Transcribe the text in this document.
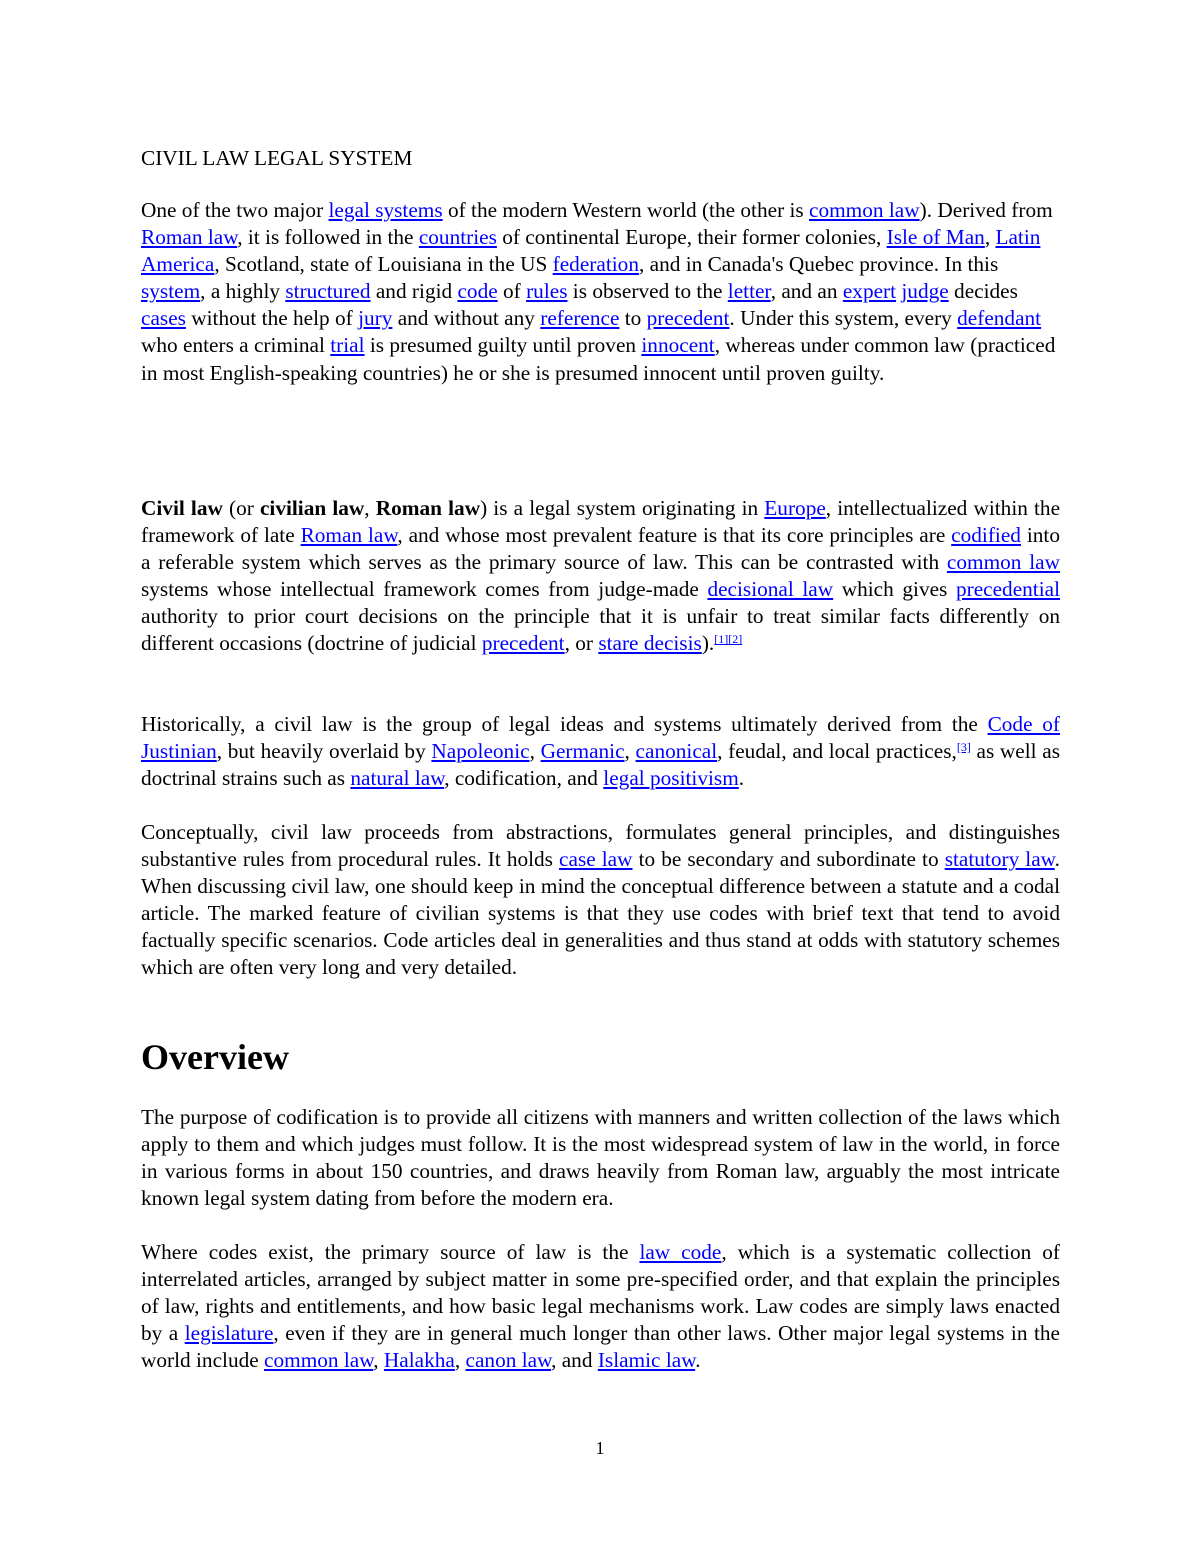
CIVIL LAW LEGAL SYSTEM

One of the two major legal systems of the modern Western world (the other is common law). Derived from Roman law, it is followed in the countries of continental Europe, their former colonies, Isle of Man, Latin America, Scotland, state of Louisiana in the US federation, and in Canada's Quebec province. In this system, a highly structured and rigid code of rules is observed to the letter, and an expert judge decides cases without the help of jury and without any reference to precedent. Under this system, every defendant who enters a criminal trial is presumed guilty until proven innocent, whereas under common law (practiced in most English-speaking countries) he or she is presumed innocent until proven guilty.

Civil law (or civilian law, Roman law) is a legal system originating in Europe, intellectualized within the framework of late Roman law, and whose most prevalent feature is that its core principles are codified into a referable system which serves as the primary source of law. This can be contrasted with common law systems whose intellectual framework comes from judge-made decisional law which gives precedential authority to prior court decisions on the principle that it is unfair to treat similar facts differently on different occasions (doctrine of judicial precedent, or stare decisis).[1][2]

Historically, a civil law is the group of legal ideas and systems ultimately derived from the Code of Justinian, but heavily overlaid by Napoleonic, Germanic, canonical, feudal, and local practices,[3] as well as doctrinal strains such as natural law, codification, and legal positivism.

Conceptually, civil law proceeds from abstractions, formulates general principles, and distinguishes substantive rules from procedural rules. It holds case law to be secondary and subordinate to statutory law. When discussing civil law, one should keep in mind the conceptual difference between a statute and a codal article. The marked feature of civilian systems is that they use codes with brief text that tend to avoid factually specific scenarios. Code articles deal in generalities and thus stand at odds with statutory schemes which are often very long and very detailed.

Overview

The purpose of codification is to provide all citizens with manners and written collection of the laws which apply to them and which judges must follow. It is the most widespread system of law in the world, in force in various forms in about 150 countries, and draws heavily from Roman law, arguably the most intricate known legal system dating from before the modern era.

Where codes exist, the primary source of law is the law code, which is a systematic collection of interrelated articles, arranged by subject matter in some pre-specified order, and that explain the principles of law, rights and entitlements, and how basic legal mechanisms work. Law codes are simply laws enacted by a legislature, even if they are in general much longer than other laws. Other major legal systems in the world include common law, Halakha, canon law, and Islamic law.

1
